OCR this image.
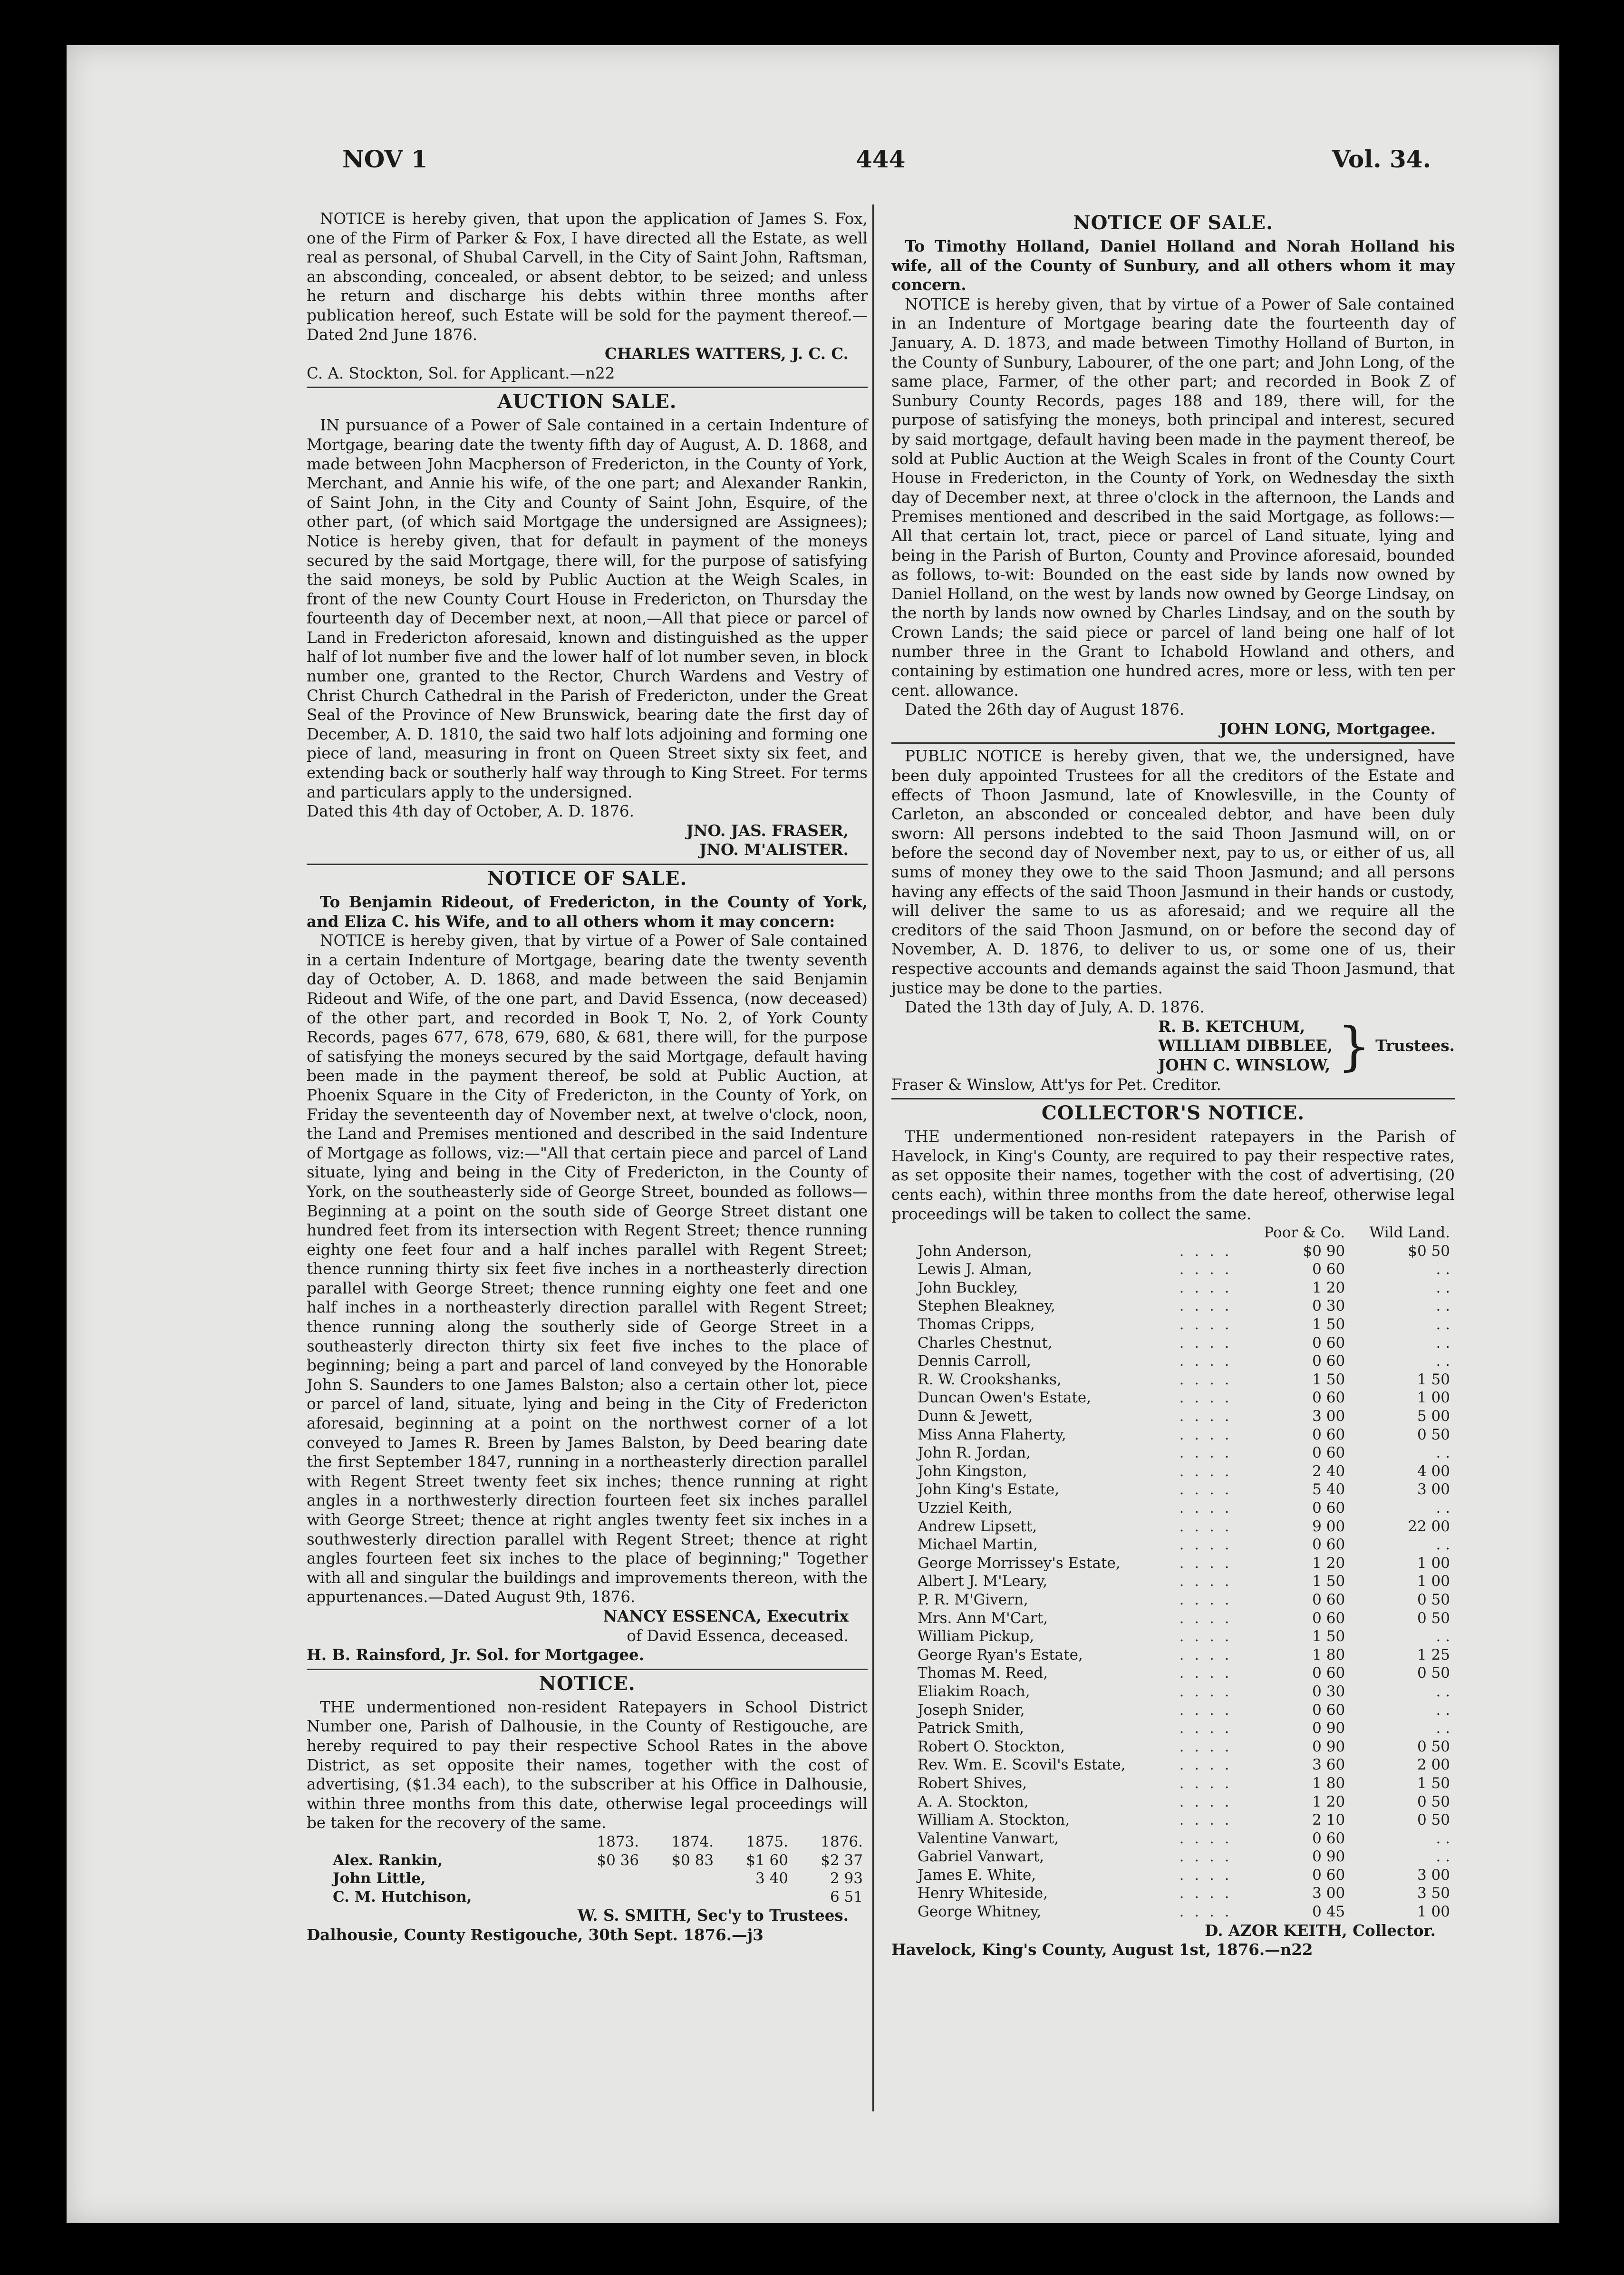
NOV 1	444	Vol. 34.

NOTICE is hereby given, that upon the application of James S. Fox, one of the Firm of Parker & Fox, I have directed all the Estate, as well real as personal, of Shubal Carvell, in the City of Saint John, Raftsman, an absconding, concealed, or absent debtor, to be seized; and unless he return and discharge his debts within three months after publication hereof, such Estate will be sold for the payment thereof.—Dated 2nd June 1876.

CHARLES WATTERS, J. C. C.

C. A. Stockton, Sol. for Applicant.—n22

AUCTION SALE.

IN pursuance of a Power of Sale contained in a certain Indenture of Mortgage, bearing date the twenty fifth day of August, A. D. 1868, and made between John Macpherson of Fredericton, in the County of York, Merchant, and Annie his wife, of the one part; and Alexander Rankin, of Saint John, in the City and County of Saint John, Esquire, of the other part, (of which said Mortgage the undersigned are Assignees); Notice is hereby given, that for default in payment of the moneys secured by the said Mortgage, there will, for the purpose of satisfying the said moneys, be sold by Public Auction at the Weigh Scales, in front of the new County Court House in Fredericton, on Thursday the fourteenth day of December next, at noon,—All that piece or parcel of Land in Fredericton aforesaid, known and distinguished as the upper half of lot number five and the lower half of lot number seven, in block number one, granted to the Rector, Church Wardens and Vestry of Christ Church Cathedral in the Parish of Fredericton, under the Great Seal of the Province of New Brunswick, bearing date the first day of December, A. D. 1810, the said two half lots adjoining and forming one piece of land, measuring in front on Queen Street sixty six feet, and extending back or southerly half way through to King Street. For terms and particulars apply to the undersigned.

Dated this 4th day of October, A. D. 1876.

JNO. JAS. FRASER,
JNO. M'ALISTER.
NOTICE OF SALE.

To Benjamin Rideout, of Fredericton, in the County of York, and Eliza C. his Wife, and to all others whom it may concern:

NOTICE is hereby given, that by virtue of a Power of Sale contained in a certain Indenture of Mortgage, bearing date the twenty seventh day of October, A. D. 1868, and made between the said Benjamin Rideout and Wife, of the one part, and David Essenca, (now deceased) of the other part, and recorded in Book T, No. 2, of York County Records, pages 677, 678, 679, 680, & 681, there will, for the purpose of satisfying the moneys secured by the said Mortgage, default having been made in the payment thereof, be sold at Public Auction, at Phoenix Square in the City of Fredericton, in the County of York, on Friday the seventeenth day of November next, at twelve o'clock, noon, the Land and Premises mentioned and described in the said Indenture of Mortgage as follows, viz:—"All that certain piece and parcel of Land situate, lying and being in the City of Fredericton, in the County of York, on the southeasterly side of George Street, bounded as follows—Beginning at a point on the south side of George Street distant one hundred feet from its intersection with Regent Street; thence running eighty one feet four and a half inches parallel with Regent Street; thence running thirty six feet five inches in a northeasterly direction parallel with George Street; thence running eighty one feet and one half inches in a northeasterly direction parallel with Regent Street; thence running along the southerly side of George Street in a southeasterly directon thirty six feet five inches to the place of beginning; being a part and parcel of land conveyed by the Honorable John S. Saunders to one James Balston; also a certain other lot, piece or parcel of land, situate, lying and being in the City of Fredericton aforesaid, beginning at a point on the northwest corner of a lot conveyed to James R. Breen by James Balston, by Deed bearing date the first September 1847, running in a northeasterly direction parallel with Regent Street twenty feet six inches; thence running at right angles in a northwesterly direction fourteen feet six inches parallel with George Street; thence at right angles twenty feet six inches in a southwesterly direction parallel with Regent Street; thence at right angles fourteen feet six inches to the place of beginning;" Together with all and singular the buildings and improvements thereon, with the appurtenances.—Dated August 9th, 1876.

NANCY ESSENCA, Executrix
of David Essenca, deceased.

H. B. Rainsford, Jr. Sol. for Mortgagee.

NOTICE.

THE undermentioned non-resident Ratepayers in School District Number one, Parish of Dalhousie, in the County of Restigouche, are hereby required to pay their respective School Rates in the above District, as set opposite their names, together with the cost of advertising, ($1.34 each), to the subscriber at his Office in Dalhousie, within three months from this date, otherwise legal proceedings will be taken for the recovery of the same.

	1873.	1874.	1875.	1876.
Alex. Rankin,	$0 36	$0 83	$1 60	$2 37
John Little,			3 40	2 93
C. M. Hutchison,				6 51
W. S. SMITH, Sec'y to Trustees.

Dalhousie, County Restigouche, 30th Sept. 1876.—j3

NOTICE OF SALE.

To Timothy Holland, Daniel Holland and Norah Holland his wife, all of the County of Sunbury, and all others whom it may concern.

NOTICE is hereby given, that by virtue of a Power of Sale contained in an Indenture of Mortgage bearing date the fourteenth day of January, A. D. 1873, and made between Timothy Holland of Burton, in the County of Sunbury, Labourer, of the one part; and John Long, of the same place, Farmer, of the other part; and recorded in Book Z of Sunbury County Records, pages 188 and 189, there will, for the purpose of satisfying the moneys, both principal and interest, secured by said mortgage, default having been made in the payment thereof, be sold at Public Auction at the Weigh Scales in front of the County Court House in Fredericton, in the County of York, on Wednesday the sixth day of December next, at three o'clock in the afternoon, the Lands and Premises mentioned and described in the said Mortgage, as follows:—All that certain lot, tract, piece or parcel of Land situate, lying and being in the Parish of Burton, County and Province aforesaid, bounded as follows, to-wit: Bounded on the east side by lands now owned by Daniel Holland, on the west by lands now owned by George Lindsay, on the north by lands now owned by Charles Lindsay, and on the south by Crown Lands; the said piece or parcel of land being one half of lot number three in the Grant to Ichabold Howland and others, and containing by estimation one hundred acres, more or less, with ten per cent. allowance.

Dated the 26th day of August 1876.

JOHN LONG, Mortgagee.

PUBLIC NOTICE is hereby given, that we, the undersigned, have been duly appointed Trustees for all the creditors of the Estate and effects of Thoon Jasmund, late of Knowlesville, in the County of Carleton, an absconded or concealed debtor, and have been duly sworn: All persons indebted to the said Thoon Jasmund will, on or before the second day of November next, pay to us, or either of us, all sums of money they owe to the said Thoon Jasmund; and all persons having any effects of the said Thoon Jasmund in their hands or custody, will deliver the same to us as aforesaid; and we require all the creditors of the said Thoon Jasmund, on or before the second day of November, A. D. 1876, to deliver to us, or some one of us, their respective accounts and demands against the said Thoon Jasmund, that justice may be done to the parties.

Dated the 13th day of July, A. D. 1876.

R. B. KETCHUM,
WILLIAM DIBBLEE,
JOHN C. WINSLOW, } Trustees.

Fraser & Winslow, Att'ys for Pet. Creditor.

COLLECTOR'S NOTICE.

THE undermentioned non-resident ratepayers in the Parish of Havelock, in King's County, are required to pay their respective rates, as set opposite their names, together with the cost of advertising, (20 cents each), within three months from the date hereof, otherwise legal proceedings will be taken to collect the same.

		Poor & Co.	Wild Land.
John Anderson,	. . . .	$0 90	$0 50
Lewis J. Alman,	. . . .	0 60	. .
John Buckley,	. . . .	1 20	. .
Stephen Bleakney,	. . . .	0 30	. .
Thomas Cripps,	. . . .	1 50	. .
Charles Chestnut,	. . . .	0 60	. .
Dennis Carroll,	. . . .	0 60	. .
R. W. Crookshanks,	. . . .	1 50	1 50
Duncan Owen's Estate,	. . . .	0 60	1 00
Dunn & Jewett,	. . . .	3 00	5 00
Miss Anna Flaherty,	. . . .	0 60	0 50
John R. Jordan,	. . . .	0 60	. .
John Kingston,	. . . .	2 40	4 00
John King's Estate,	. . . .	5 40	3 00
Uzziel Keith,	. . . .	0 60	. .
Andrew Lipsett,	. . . .	9 00	22 00
Michael Martin,	. . . .	0 60	. .
George Morrissey's Estate,	. . . .	1 20	1 00
Albert J. M'Leary,	. . . .	1 50	1 00
P. R. M'Givern,	. . . .	0 60	0 50
Mrs. Ann M'Cart,	. . . .	0 60	0 50
William Pickup,	. . . .	1 50	. .
George Ryan's Estate,	. . . .	1 80	1 25
Thomas M. Reed,	. . . .	0 60	0 50
Eliakim Roach,	. . . .	0 30	. .
Joseph Snider,	. . . .	0 60	. .
Patrick Smith,	. . . .	0 90	. .
Robert O. Stockton,	. . . .	0 90	0 50
Rev. Wm. E. Scovil's Estate,	. . . .	3 60	2 00
Robert Shives,	. . . .	1 80	1 50
A. A. Stockton,	. . . .	1 20	0 50
William A. Stockton,	. . . .	2 10	0 50
Valentine Vanwart,	. . . .	0 60	. .
Gabriel Vanwart,	. . . .	0 90	. .
James E. White,	. . . .	0 60	3 00
Henry Whiteside,	. . . .	3 00	3 50
George Whitney,	. . . .	0 45	1 00
D. AZOR KEITH, Collector.

Havelock, King's County, August 1st, 1876.—n22
